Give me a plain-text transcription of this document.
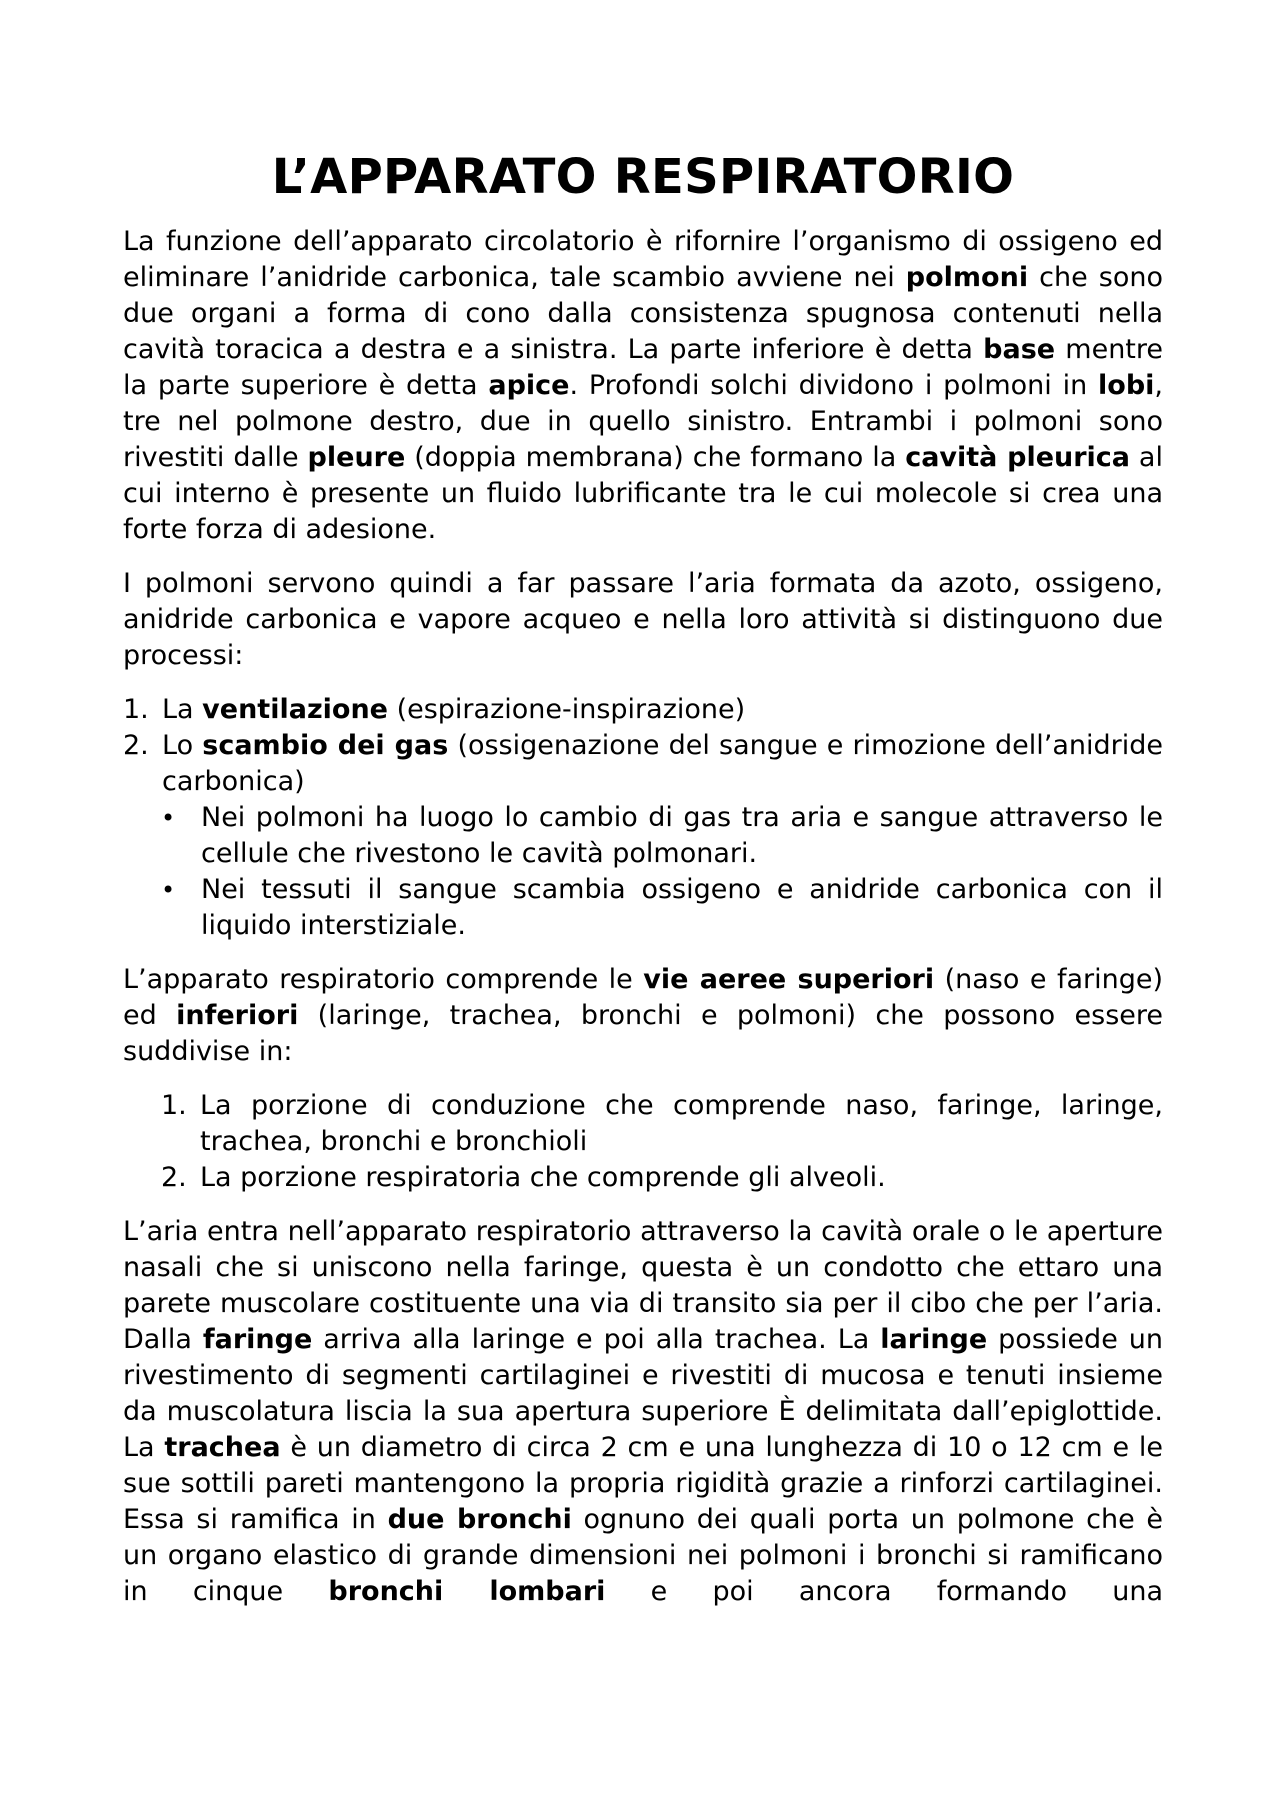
L’APPARATO RESPIRATORIO

La funzione dell’apparato circolatorio è rifornire l’organismo di ossigeno ed eliminare l’anidride carbonica, tale scambio avviene nei polmoni che sono due organi a forma di cono dalla consistenza spugnosa contenuti nella cavità toracica a destra e a sinistra. La parte inferiore è detta base mentre la parte superiore è detta apice. Profondi solchi dividono i polmoni in lobi, tre nel polmone destro, due in quello sinistro. Entrambi i polmoni sono rivestiti dalle pleure (doppia membrana) che formano la cavità pleurica al cui interno è presente un fluido lubrificante tra le cui molecole si crea una forte forza di adesione.

I polmoni servono quindi a far passare l’aria formata da azoto, ossigeno, anidride carbonica e vapore acqueo e nella loro attività si distinguono due processi:

1. La ventilazione (espirazione-inspirazione)
2. Lo scambio dei gas (ossigenazione del sangue e rimozione dell’anidride carbonica)
• Nei polmoni ha luogo lo cambio di gas tra aria e sangue attraverso le cellule che rivestono le cavità polmonari.
• Nei tessuti il sangue scambia ossigeno e anidride carbonica con il liquido interstiziale.

L’apparato respiratorio comprende le vie aeree superiori (naso e faringe) ed inferiori (laringe, trachea, bronchi e polmoni) che possono essere suddivise in:

1. La porzione di conduzione che comprende naso, faringe, laringe, trachea, bronchi e bronchioli
2. La porzione respiratoria che comprende gli alveoli.

L’aria entra nell’apparato respiratorio attraverso la cavità orale o le aperture nasali che si uniscono nella faringe, questa è un condotto che ettaro una parete muscolare costituente una via di transito sia per il cibo che per l’aria. Dalla faringe arriva alla laringe e poi alla trachea. La laringe possiede un rivestimento di segmenti cartilaginei e rivestiti di mucosa e tenuti insieme da muscolatura liscia la sua apertura superiore È delimitata dall’epiglottide. La trachea è un diametro di circa 2 cm e una lunghezza di 10 o 12 cm e le sue sottili pareti mantengono la propria rigidità grazie a rinforzi cartilaginei. Essa si ramifica in due bronchi ognuno dei quali porta un polmone che è un organo elastico di grande dimensioni nei polmoni i bronchi si ramificano in cinque bronchi lombari e poi ancora formando una
